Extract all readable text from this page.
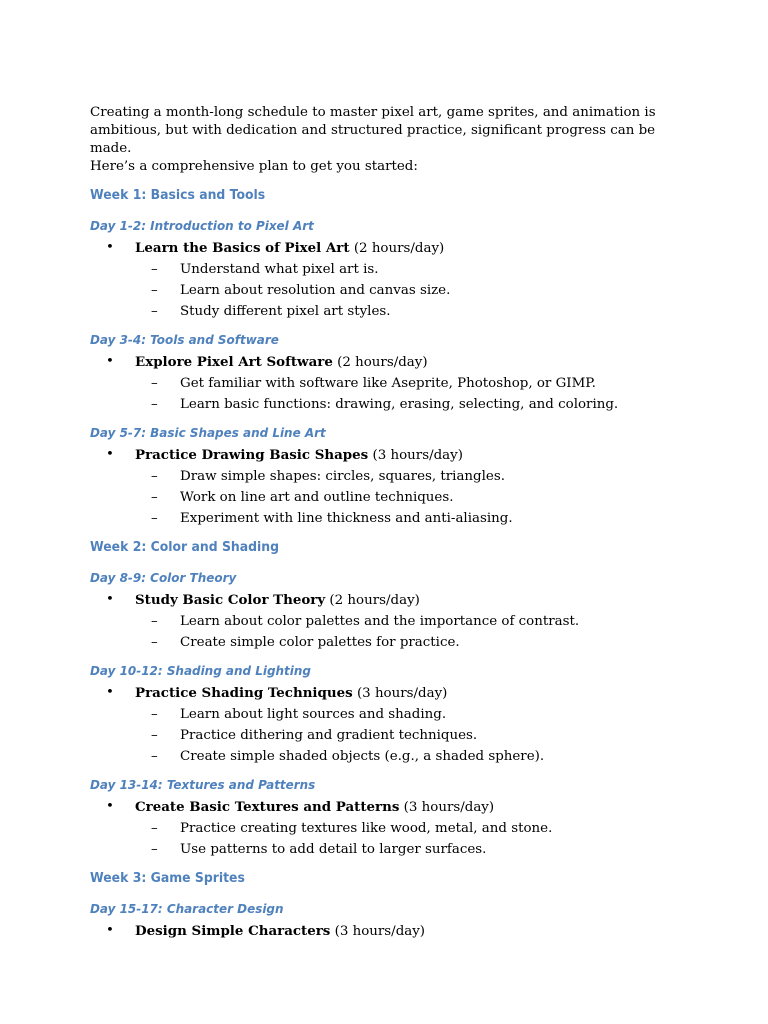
Creating a month-long schedule to master pixel art, game sprites, and animation is

ambitious, but with dedication and structured practice, significant progress can be made.

Here’s a comprehensive plan to get you started:

Week 1: Basics and Tools
Day 1-2: Introduction to Pixel Art

• Learn the Basics of Pixel Art (2 hours/day)

– Understand what pixel art is.

– Learn about resolution and canvas size.

– Study different pixel art styles.

Day 3-4: Tools and Software

• Explore Pixel Art Software (2 hours/day)

– Get familiar with software like Aseprite, Photoshop, or GIMP.

– Learn basic functions: drawing, erasing, selecting, and coloring.

Day 5-7: Basic Shapes and Line Art

• Practice Drawing Basic Shapes (3 hours/day)

– Draw simple shapes: circles, squares, triangles.

– Work on line art and outline techniques.

– Experiment with line thickness and anti-aliasing.

Week 2: Color and Shading
Day 8-9: Color Theory

• Study Basic Color Theory (2 hours/day)

– Learn about color palettes and the importance of contrast.

– Create simple color palettes for practice.

Day 10-12: Shading and Lighting

• Practice Shading Techniques (3 hours/day)

– Learn about light sources and shading.

– Practice dithering and gradient techniques.

– Create simple shaded objects (e.g., a shaded sphere).

Day 13-14: Textures and Patterns

• Create Basic Textures and Patterns (3 hours/day)

– Practice creating textures like wood, metal, and stone.

– Use patterns to add detail to larger surfaces.

Week 3: Game Sprites
Day 15-17: Character Design

• Design Simple Characters (3 hours/day)
